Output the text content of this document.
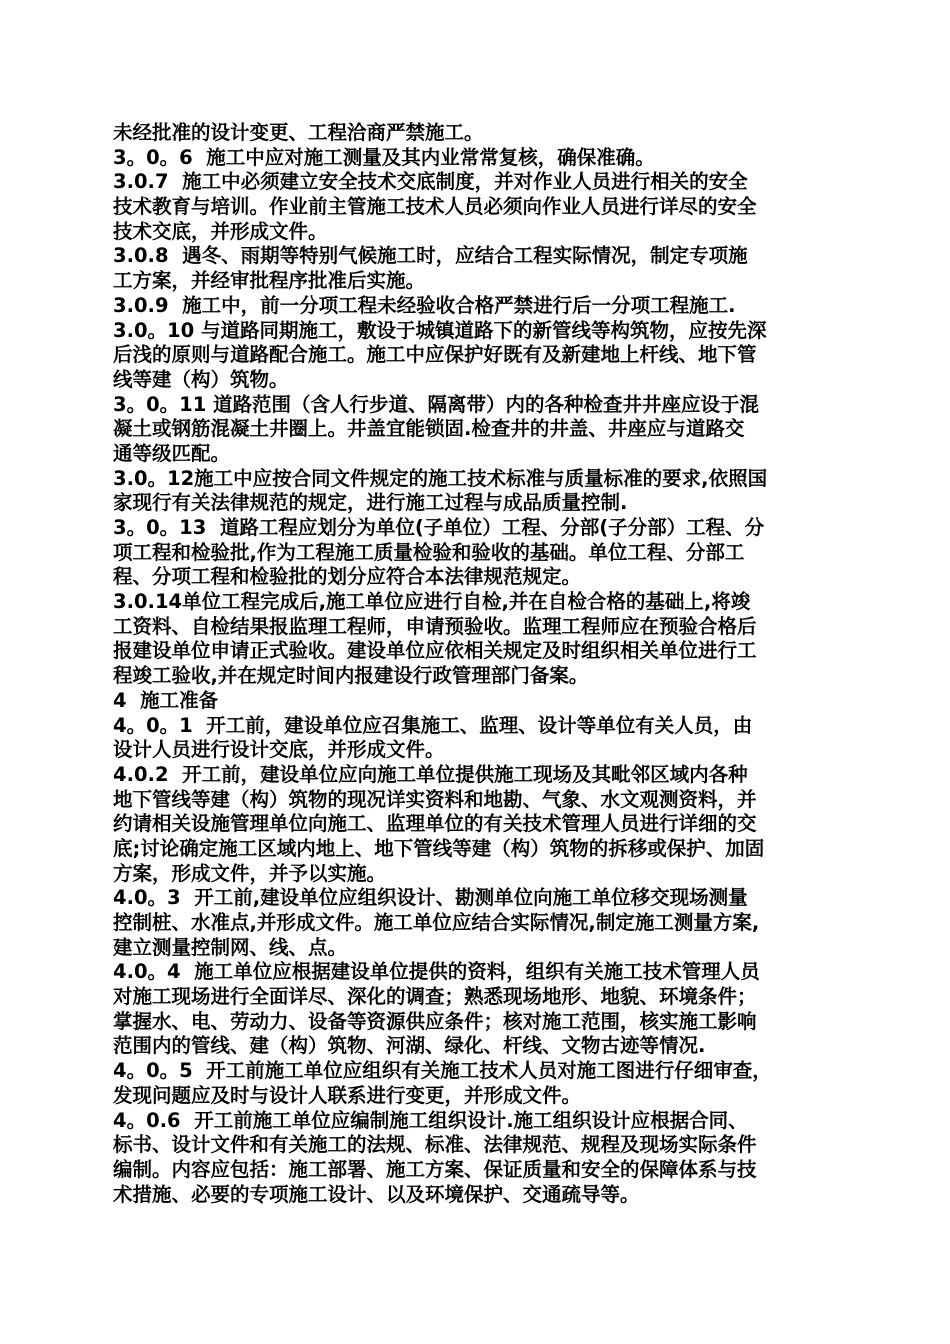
未经批准的设计变更、工程洽商严禁施工。
3。0。6  施工中应对施工测量及其内业常常复核，确保准确。
3.0.7  施工中必须建立安全技术交底制度，并对作业人员进行相关的安全
技术教育与培训。作业前主管施工技术人员必须向作业人员进行详尽的安全
技术交底，并形成文件。
3.0.8  遇冬、雨期等特别气候施工时，应结合工程实际情况，制定专项施
工方案，并经审批程序批准后实施。
3.0.9  施工中，前一分项工程未经验收合格严禁进行后一分项工程施工.
3.0。10 与道路同期施工，敷设于城镇道路下的新管线等构筑物，应按先深
后浅的原则与道路配合施工。施工中应保护好既有及新建地上杆线、地下管
线等建（构）筑物。
3。0。11 道路范围（含人行步道、隔离带）内的各种检查井井座应设于混
凝土或钢筋混凝土井圈上。井盖宜能锁固.检查井的井盖、井座应与道路交
通等级匹配。
3.0。12施工中应按合同文件规定的施工技术标准与质量标准的要求,依照国
家现行有关法律规范的规定，进行施工过程与成品质量控制.
3。0。13  道路工程应划分为单位(子单位）工程、分部(子分部）工程、分
项工程和检验批,作为工程施工质量检验和验收的基础。单位工程、分部工
程、分项工程和检验批的划分应符合本法律规范规定。
3.0.14单位工程完成后,施工单位应进行自检,并在自检合格的基础上,将竣
工资料、自检结果报监理工程师，申请预验收。监理工程师应在预验合格后
报建设单位申请正式验收。建设单位应依相关规定及时组织相关单位进行工
程竣工验收,并在规定时间内报建设行政管理部门备案。
4  施工准备
4。0。1  开工前，建设单位应召集施工、监理、设计等单位有关人员，由
设计人员进行设计交底，并形成文件。
4.0.2  开工前，建设单位应向施工单位提供施工现场及其毗邻区域内各种
地下管线等建（构）筑物的现况详实资料和地勘、气象、水文观测资料，并
约请相关设施管理单位向施工、监理单位的有关技术管理人员进行详细的交
底;讨论确定施工区域内地上、地下管线等建（构）筑物的拆移或保护、加固
方案，形成文件，并予以实施。
4.0。3  开工前,建设单位应组织设计、勘测单位向施工单位移交现场测量
控制桩、水准点,并形成文件。施工单位应结合实际情况,制定施工测量方案,
建立测量控制网、线、点。
4.0。4  施工单位应根据建设单位提供的资料，组织有关施工技术管理人员
对施工现场进行全面详尽、深化的调查；熟悉现场地形、地貌、环境条件；
掌握水、电、劳动力、设备等资源供应条件；核对施工范围，核实施工影响
范围内的管线、建（构）筑物、河湖、绿化、杆线、文物古迹等情况.
4。0。5  开工前施工单位应组织有关施工技术人员对施工图进行仔细审查，
发现问题应及时与设计人联系进行变更，并形成文件。
4。0.6  开工前施工单位应编制施工组织设计.施工组织设计应根据合同、
标书、设计文件和有关施工的法规、标准、法律规范、规程及现场实际条件
编制。内容应包括：施工部署、施工方案、保证质量和安全的保障体系与技
术措施、必要的专项施工设计、以及环境保护、交通疏导等。
